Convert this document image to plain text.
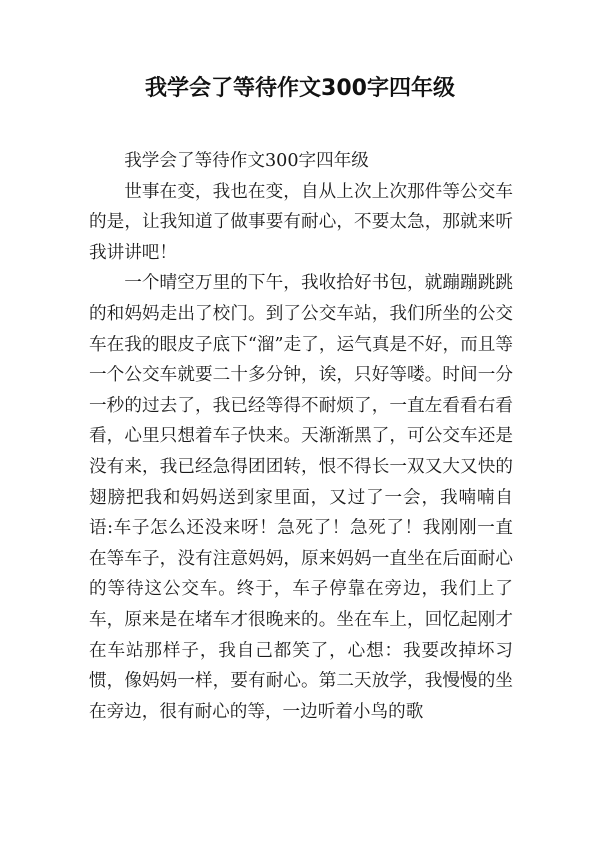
我学会了等待作文300字四年级

我学会了等待作文300字四年级

世事在变，我也在变，自从上次上次那件等公交车的是，让我知道了做事要有耐心，不要太急，那就来听我讲讲吧！

一个晴空万里的下午，我收拾好书包，就蹦蹦跳跳的和妈妈走出了校门。到了公交车站，我们所坐的公交车在我的眼皮子底下“溜”走了，运气真是不好，而且等一个公交车就要二十多分钟，诶，只好等喽。时间一分一秒的过去了，我已经等得不耐烦了，一直左看看右看看，心里只想着车子快来。天渐渐黑了，可公交车还是没有来，我已经急得团团转，恨不得长一双又大又快的翅膀把我和妈妈送到家里面，又过了一会，我喃喃自语:车子怎么还没来呀！急死了！急死了！我刚刚一直在等车子，没有注意妈妈，原来妈妈一直坐在后面耐心的等待这公交车。终于，车子停靠在旁边，我们上了车，原来是在堵车才很晚来的。坐在车上，回忆起刚才在车站那样子，我自己都笑了，心想：我要改掉坏习惯，像妈妈一样，要有耐心。第二天放学，我慢慢的坐在旁边，很有耐心的等，一边听着小鸟的歌
